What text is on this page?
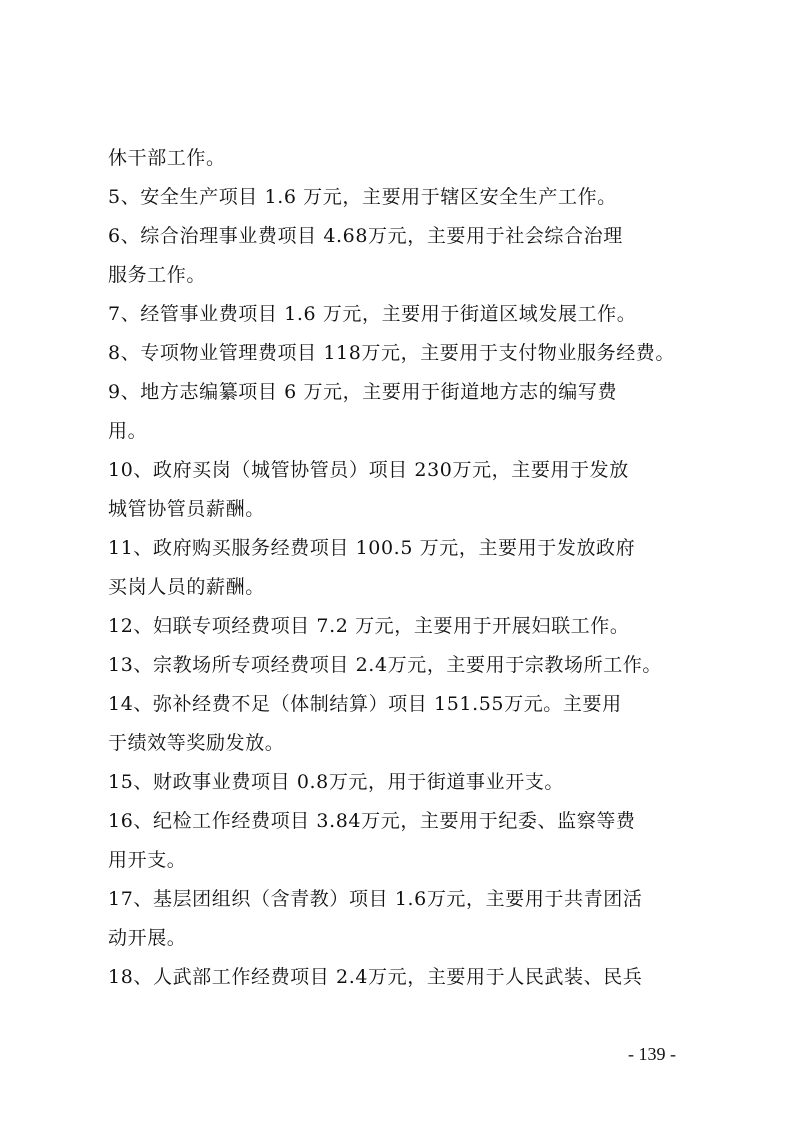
休干部工作。
5、安全生产项目 1.6 万元，主要用于辖区安全生产工作。
6、综合治理事业费项目 4.68万元，主要用于社会综合治理
服务工作。
7、经管事业费项目 1.6 万元，主要用于街道区域发展工作。
8、专项物业管理费项目 118万元，主要用于支付物业服务经费。
9、地方志编纂项目 6 万元，主要用于街道地方志的编写费
用。
10、政府买岗（城管协管员）项目 230万元，主要用于发放
城管协管员薪酬。
11、政府购买服务经费项目 100.5 万元，主要用于发放政府
买岗人员的薪酬。
12、妇联专项经费项目 7.2 万元，主要用于开展妇联工作。
13、宗教场所专项经费项目 2.4万元，主要用于宗教场所工作。
14、弥补经费不足（体制结算）项目 151.55万元。主要用
于绩效等奖励发放。
15、财政事业费项目 0.8万元，用于街道事业开支。
16、纪检工作经费项目 3.84万元，主要用于纪委、监察等费
用开支。
17、基层团组织（含青教）项目 1.6万元，主要用于共青团活
动开展。
18、人武部工作经费项目 2.4万元，主要用于人民武装、民兵
- 139 -
